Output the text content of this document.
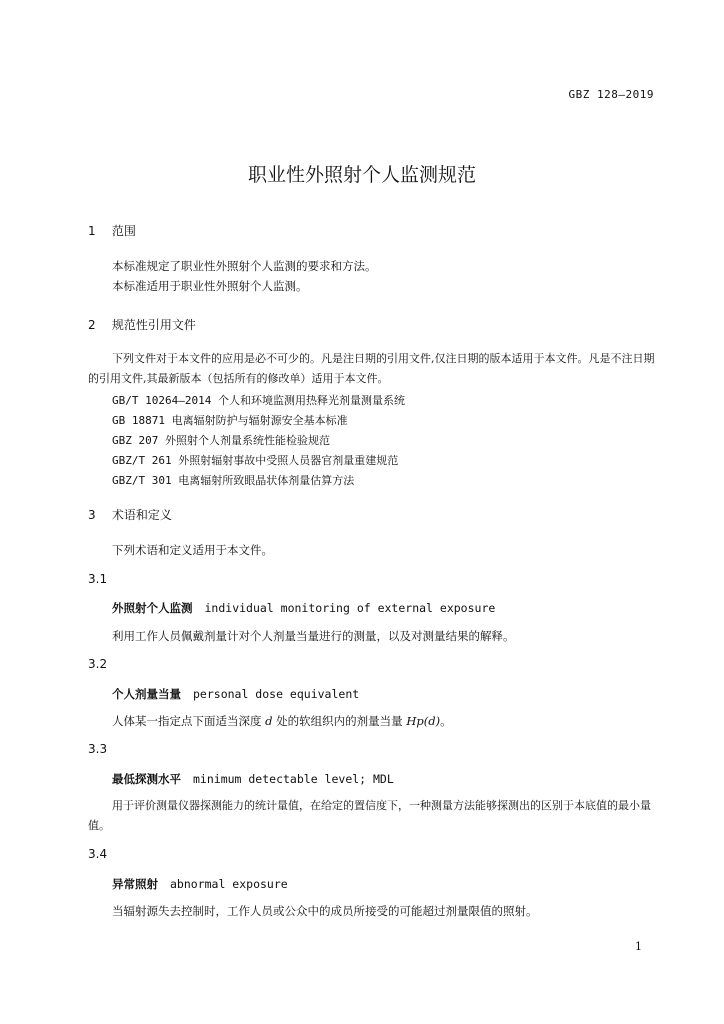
GBZ 128—2019
职业性外照射个人监测规范
1 范围
本标准规定了职业性外照射个人监测的要求和方法。
本标准适用于职业性外照射个人监测。
2 规范性引用文件
下列文件对于本文件的应用是必不可少的。凡是注日期的引用文件,仅注日期的版本适用于本文件。凡是不注日期的引用文件,其最新版本（包括所有的修改单）适用于本文件。
GB/T 10264—2014 个人和环境监测用热释光剂量测量系统
GB 18871 电离辐射防护与辐射源安全基本标准
GBZ 207 外照射个人剂量系统性能检验规范
GBZ/T 261 外照射辐射事故中受照人员器官剂量重建规范
GBZ/T 301 电离辐射所致眼晶状体剂量估算方法
3 术语和定义
下列术语和定义适用于本文件。
3.1
外照射个人监测 individual monitoring of external exposure
利用工作人员佩戴剂量计对个人剂量当量进行的测量，以及对测量结果的解释。
3.2
个人剂量当量 personal dose equivalent
人体某一指定点下面适当深度 d 处的软组织内的剂量当量 Hp(d)。
3.3
最低探测水平 minimum detectable level; MDL
用于评价测量仪器探测能力的统计量值，在给定的置信度下，一种测量方法能够探测出的区别于本底值的最小量值。
3.4
异常照射 abnormal exposure
当辐射源失去控制时，工作人员或公众中的成员所接受的可能超过剂量限值的照射。
1
